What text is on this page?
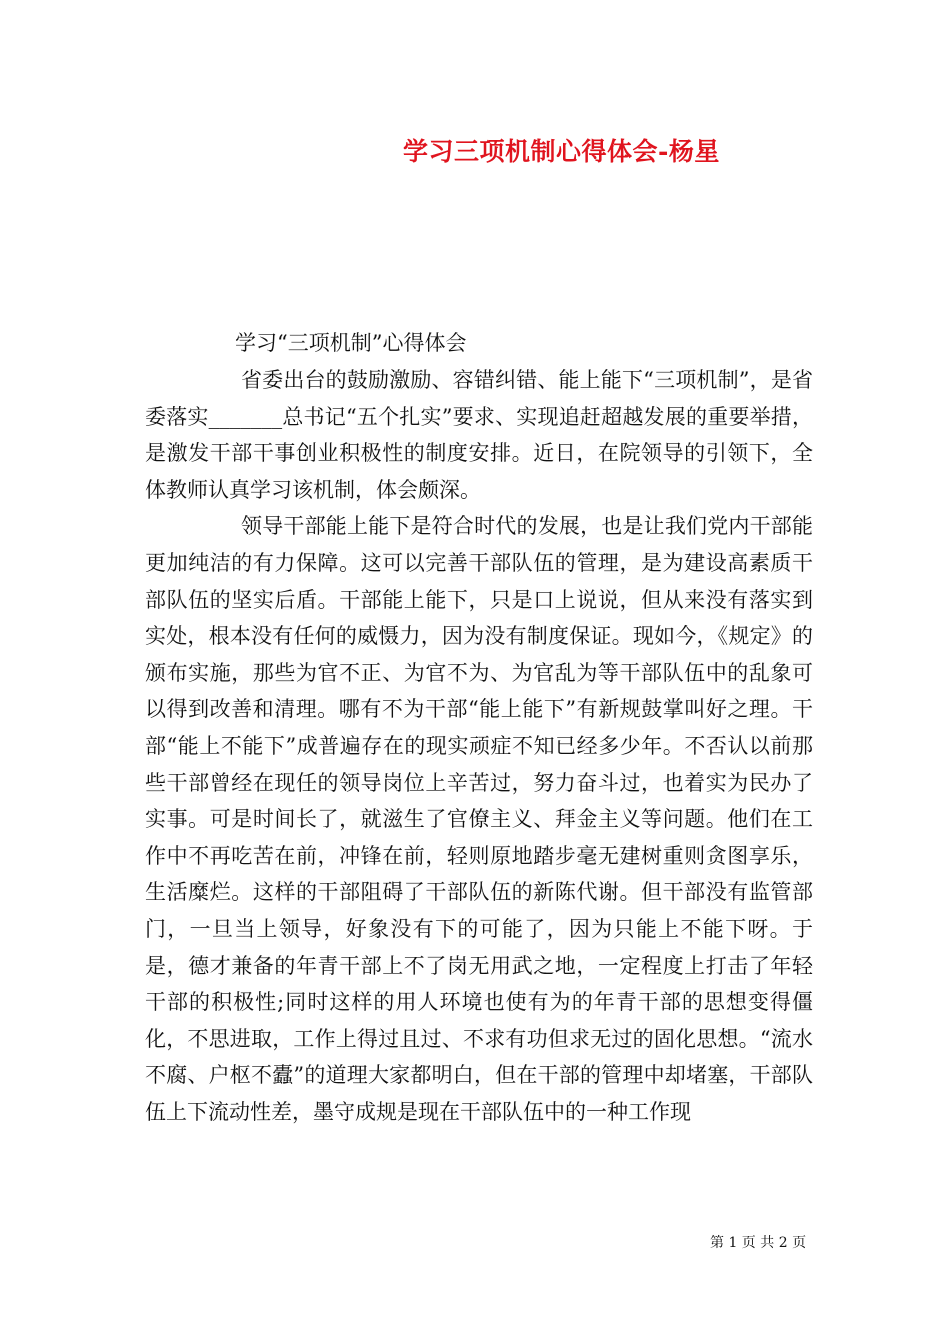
学习三项机制心得体会-杨星

学习“三项机制”心得体会

省委出台的鼓励激励、容错纠错、能上能下“三项机制”，是省委落实_______总书记“五个扎实”要求、实现追赶超越发展的重要举措，是激发干部干事创业积极性的制度安排。近日，在院领导的引领下，全体教师认真学习该机制，体会颇深。

领导干部能上能下是符合时代的发展，也是让我们党内干部能更加纯洁的有力保障。这可以完善干部队伍的管理，是为建设高素质干部队伍的坚实后盾。干部能上能下，只是口上说说，但从来没有落实到实处，根本没有任何的威慑力，因为没有制度保证。现如今，《规定》的颁布实施，那些为官不正、为官不为、为官乱为等干部队伍中的乱象可以得到改善和清理。哪有不为干部“能上能下”有新规鼓掌叫好之理。干部“能上不能下”成普遍存在的现实顽症不知已经多少年。不否认以前那些干部曾经在现任的领导岗位上辛苦过，努力奋斗过，也着实为民办了实事。可是时间长了，就滋生了官僚主义、拜金主义等问题。他们在工作中不再吃苦在前，冲锋在前，轻则原地踏步毫无建树重则贪图享乐，生活糜烂。这样的干部阻碍了干部队伍的新陈代谢。但干部没有监管部门，一旦当上领导，好象没有下的可能了，因为只能上不能下呀。于是，德才兼备的年青干部上不了岗无用武之地，一定程度上打击了年轻干部的积极性;同时这样的用人环境也使有为的年青干部的思想变得僵化，不思进取，工作上得过且过、不求有功但求无过的固化思想。“流水不腐、户枢不蠹”的道理大家都明白，但在干部的管理中却堵塞，干部队伍上下流动性差，墨守成规是现在干部队伍中的一种工作现

第 1 页 共 2 页
